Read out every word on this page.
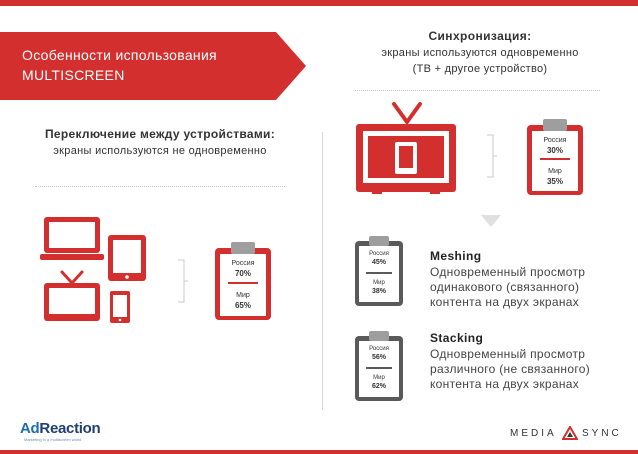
Особенности использования
MULTISCREEN
Синхронизация:
экраны используются одновременно
(ТВ + другое устройство)
Переключение между устройствами:
экраны используются не одновременно
Россия
30%
Мир
35%
Россия
70%
Мир
65%
Россия
45%
Мир
38%
Meshing
Одновременный просмотр
одинакового (связанного)
контента на двух экранах
Россия
56%
Мир
62%
Stacking
Одновременный просмотр
различного (не связанного)
контента на двух экранах
AdReaction
Marketing in a multiscreen world
MEDIA	SYNC
